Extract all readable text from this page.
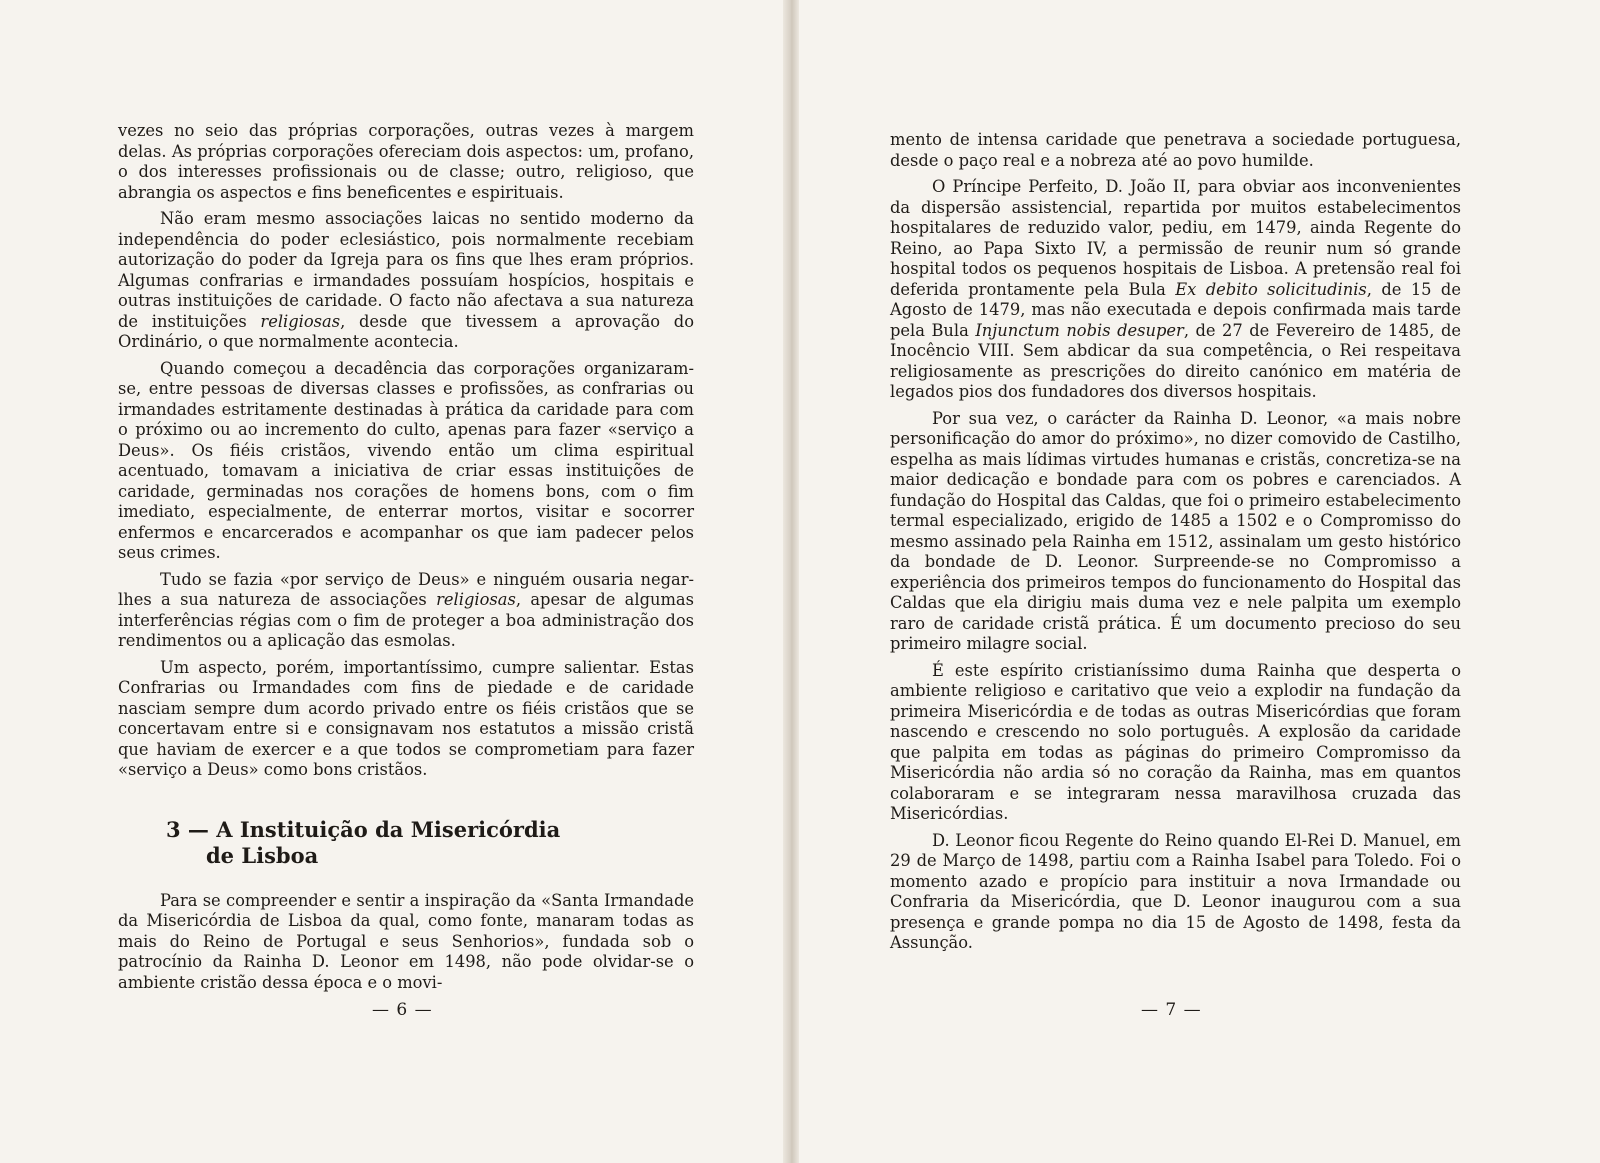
vezes no seio das próprias corporações, outras vezes à margem delas. As próprias corporações ofereciam dois aspectos: um, profano, o dos interesses profissionais ou de classe; outro, religioso, que abrangia os aspectos e fins beneficentes e espirituais.

Não eram mesmo associações laicas no sentido moderno da independência do poder eclesiástico, pois normalmente recebiam autorização do poder da Igreja para os fins que lhes eram próprios. Algumas confrarias e irmandades possuíam hospícios, hospitais e outras instituições de caridade. O facto não afectava a sua natureza de instituições religiosas, desde que tivessem a aprovação do Ordinário, o que normalmente acontecia.

Quando começou a decadência das corporações organizaram-se, entre pessoas de diversas classes e profissões, as confrarias ou irmandades estritamente destinadas à prática da caridade para com o próximo ou ao incremento do culto, apenas para fazer «serviço a Deus». Os fiéis cristãos, vivendo então um clima espiritual acentuado, tomavam a iniciativa de criar essas instituições de caridade, germinadas nos corações de homens bons, com o fim imediato, especialmente, de enterrar mortos, visitar e socorrer enfermos e encarcerados e acompanhar os que iam padecer pelos seus crimes.

Tudo se fazia «por serviço de Deus» e ninguém ousaria negar-lhes a sua natureza de associações religiosas, apesar de algumas interferências régias com o fim de proteger a boa administração dos rendimentos ou a aplicação das esmolas.

Um aspecto, porém, importantíssimo, cumpre salientar. Estas Confrarias ou Irmandades com fins de piedade e de caridade nasciam sempre dum acordo privado entre os fiéis cristãos que se concertavam entre si e consignavam nos estatutos a missão cristã que haviam de exercer e a que todos se comprometiam para fazer «serviço a Deus» como bons cristãos.

3 — A Instituição da Misericórdia
de Lisboa

Para se compreender e sentir a inspiração da «Santa Irmandade da Misericórdia de Lisboa da qual, como fonte, manaram todas as mais do Reino de Portugal e seus Senhorios», fundada sob o patrocínio da Rainha D. Leonor em 1498, não pode olvidar-se o ambiente cristão dessa época e o movi-

— 6 —

mento de intensa caridade que penetrava a sociedade portuguesa, desde o paço real e a nobreza até ao povo humilde.

O Príncipe Perfeito, D. João II, para obviar aos inconvenientes da dispersão assistencial, repartida por muitos estabelecimentos hospitalares de reduzido valor, pediu, em 1479, ainda Regente do Reino, ao Papa Sixto IV, a permissão de reunir num só grande hospital todos os pequenos hospitais de Lisboa. A pretensão real foi deferida prontamente pela Bula Ex debito solicitudinis, de 15 de Agosto de 1479, mas não executada e depois confirmada mais tarde pela Bula Injunctum nobis desuper, de 27 de Fevereiro de 1485, de Inocêncio VIII. Sem abdicar da sua competência, o Rei respeitava religiosamente as prescrições do direito canónico em matéria de legados pios dos fundadores dos diversos hospitais.

Por sua vez, o carácter da Rainha D. Leonor, «a mais nobre personificação do amor do próximo», no dizer comovido de Castilho, espelha as mais lídimas virtudes humanas e cristãs, concretiza-se na maior dedicação e bondade para com os pobres e carenciados. A fundação do Hospital das Caldas, que foi o primeiro estabelecimento termal especializado, erigido de 1485 a 1502 e o Compromisso do mesmo assinado pela Rainha em 1512, assinalam um gesto histórico da bondade de D. Leonor. Surpreende-se no Compromisso a experiência dos primeiros tempos do funcionamento do Hospital das Caldas que ela dirigiu mais duma vez e nele palpita um exemplo raro de caridade cristã prática. É um documento precioso do seu primeiro milagre social.

É este espírito cristianíssimo duma Rainha que desperta o ambiente religioso e caritativo que veio a explodir na fundação da primeira Misericórdia e de todas as outras Misericórdias que foram nascendo e crescendo no solo português. A explosão da caridade que palpita em todas as páginas do primeiro Compromisso da Misericórdia não ardia só no coração da Rainha, mas em quantos colaboraram e se integraram nessa maravilhosa cruzada das Misericórdias.

D. Leonor ficou Regente do Reino quando El-Rei D. Manuel, em 29 de Março de 1498, partiu com a Rainha Isabel para Toledo. Foi o momento azado e propício para instituir a nova Irmandade ou Confraria da Misericórdia, que D. Leonor inaugurou com a sua presença e grande pompa no dia 15 de Agosto de 1498, festa da Assunção.

— 7 —
